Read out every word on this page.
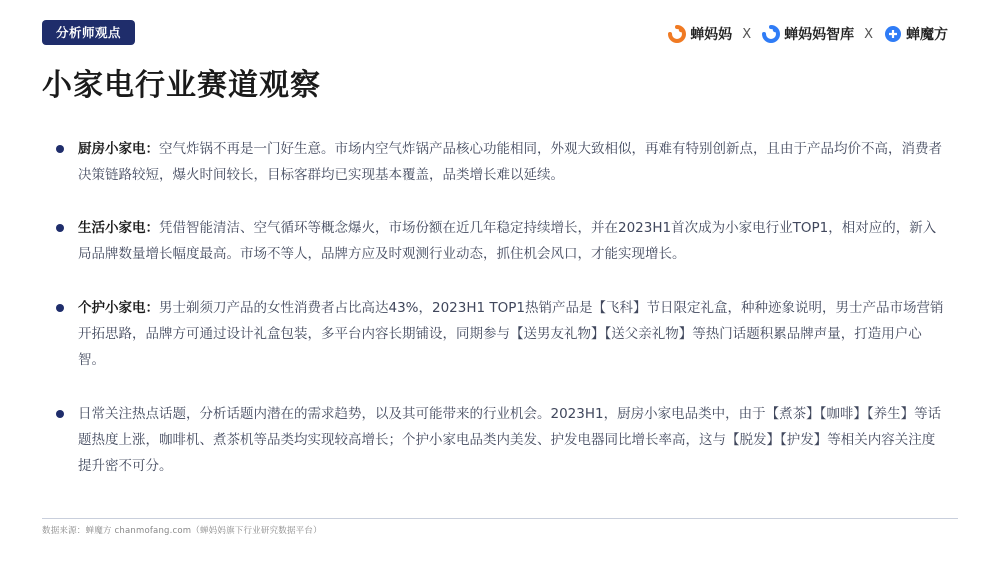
分析师观点	蝉妈妈 X 蝉妈妈智库 X 蝉魔方
小家电行业赛道观察
厨房小家电：空气炸锅不再是一门好生意。市场内空气炸锅产品核心功能相同，外观大致相似，再难有特别创新点，且由于产品均价不高，消费者决策链路较短，爆火时间较长，目标客群均已实现基本覆盖，品类增长难以延续。
生活小家电：凭借智能清洁、空气循环等概念爆火，市场份额在近几年稳定持续增长，并在2023H1首次成为小家电行业TOP1，相对应的，新入局品牌数量增长幅度最高。市场不等人，品牌方应及时观测行业动态，抓住机会风口，才能实现增长。
个护小家电：男士剃须刀产品的女性消费者占比高达43%，2023H1 TOP1热销产品是【飞科】节日限定礼盒，种种迹象说明，男士产品市场营销开拓思路，品牌方可通过设计礼盒包装，多平台内容长期铺设，同期参与【送男友礼物】【送父亲礼物】等热门话题积累品牌声量，打造用户心智。
日常关注热点话题，分析话题内潜在的需求趋势，以及其可能带来的行业机会。2023H1，厨房小家电品类中，由于【煮茶】【咖啡】【养生】等话题热度上涨，咖啡机、煮茶机等品类均实现较高增长；个护小家电品类内美发、护发电器同比增长率高，这与【脱发】【护发】等相关内容关注度提升密不可分。
数据来源：蝉魔方 chanmofang.com（蝉妈妈旗下行业研究数据平台）
